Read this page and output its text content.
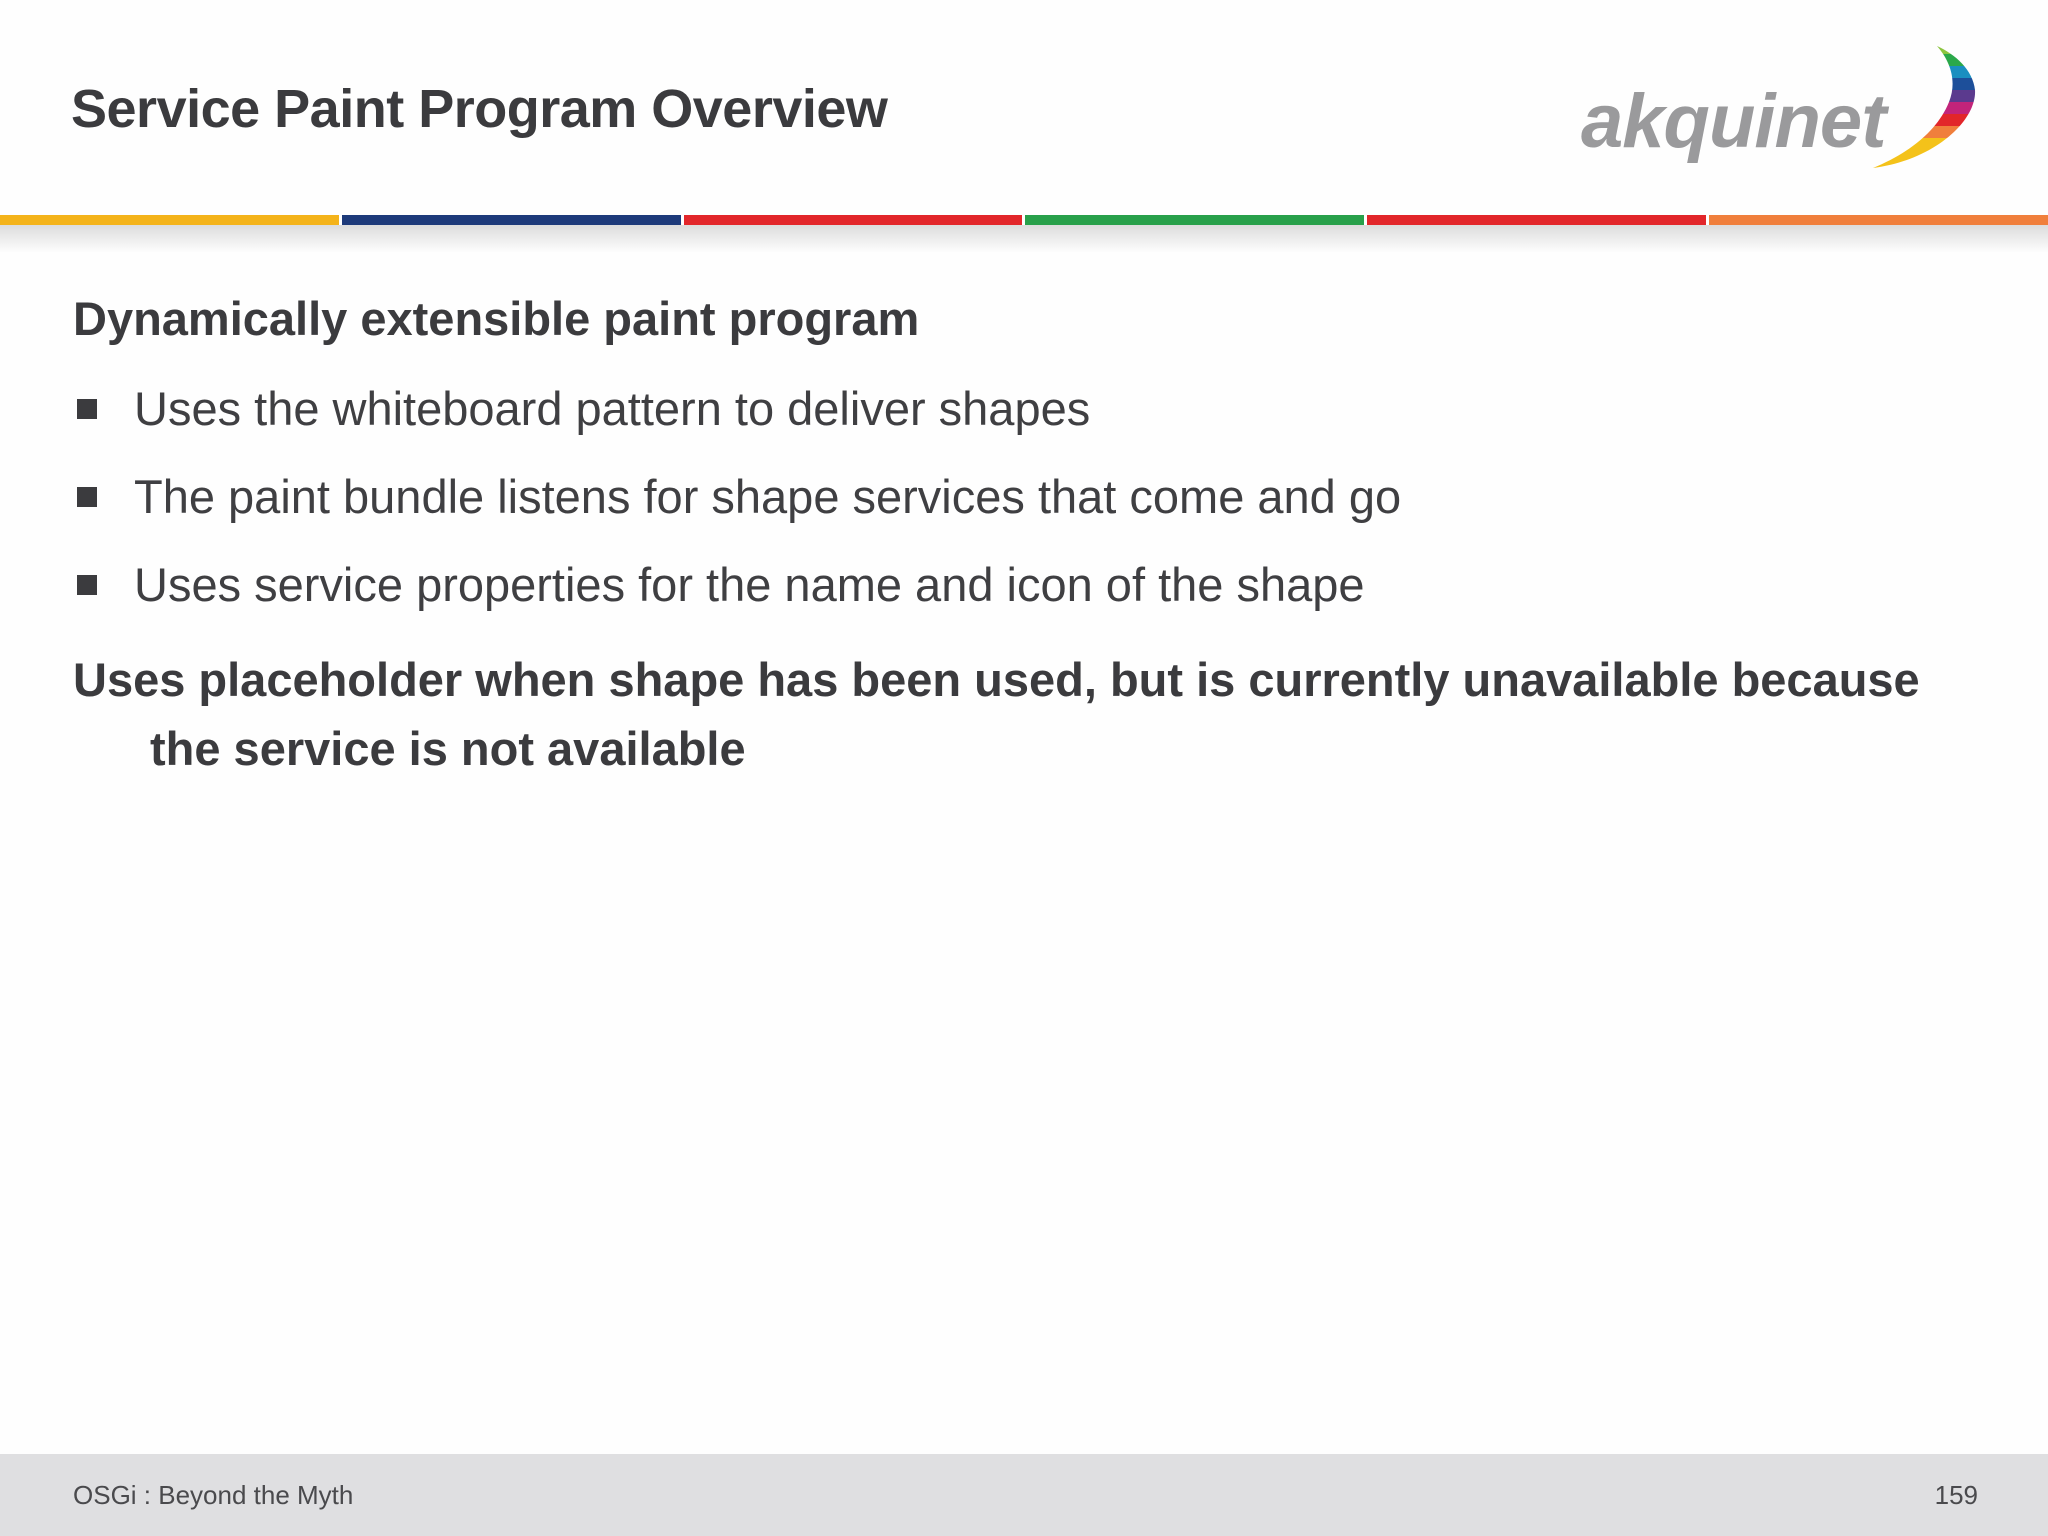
Service Paint Program Overview	akquinet

Dynamically extensible paint program

Uses the whiteboard pattern to deliver shapes
The paint bundle listens for shape services that come and go
Uses service properties for the name and icon of the shape

Uses placeholder when shape has been used, but is currently unavailable because the service is not available

OSGi : Beyond the Myth	159
